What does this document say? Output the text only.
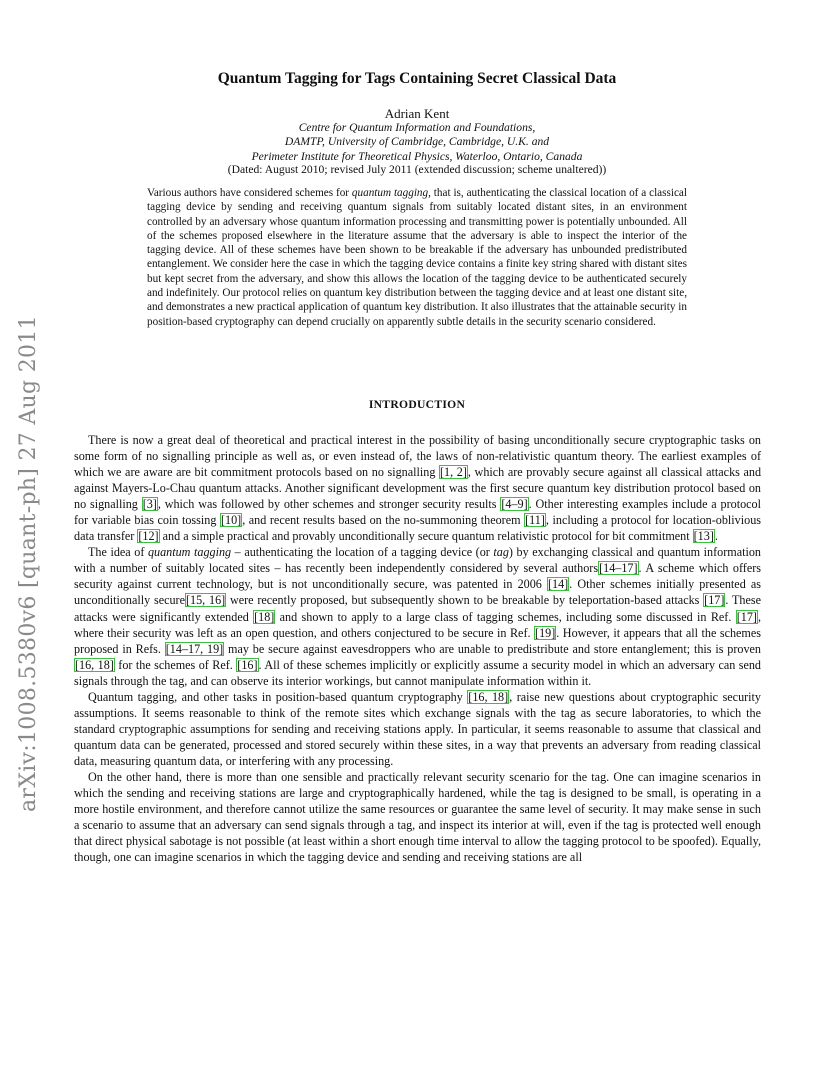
arXiv:1008.5380v6 [quant-ph] 27 Aug 2011
Quantum Tagging for Tags Containing Secret Classical Data
Adrian Kent
Centre for Quantum Information and Foundations,
DAMTP, University of Cambridge, Cambridge, U.K. and
Perimeter Institute for Theoretical Physics, Waterloo, Ontario, Canada
(Dated: August 2010; revised July 2011 (extended discussion; scheme unaltered))
Various authors have considered schemes for quantum tagging, that is, authenticating the classical location of a classical tagging device by sending and receiving quantum signals from suitably located distant sites, in an environment controlled by an adversary whose quantum information processing and transmitting power is potentially unbounded. All of the schemes proposed elsewhere in the literature assume that the adversary is able to inspect the interior of the tagging device. All of these schemes have been shown to be breakable if the adversary has unbounded predistributed entanglement. We consider here the case in which the tagging device contains a finite key string shared with distant sites but kept secret from the adversary, and show this allows the location of the tagging device to be authenticated securely and indefinitely. Our protocol relies on quantum key distribution between the tagging device and at least one distant site, and demonstrates a new practical application of quantum key distribution. It also illustrates that the attainable security in position-based cryptography can depend crucially on apparently subtle details in the security scenario considered.
INTRODUCTION

There is now a great deal of theoretical and practical interest in the possibility of basing unconditionally secure cryptographic tasks on some form of no signalling principle as well as, or even instead of, the laws of non-relativistic quantum theory. The earliest examples of which we are aware are bit commitment protocols based on no signalling [1, 2], which are provably secure against all classical attacks and against Mayers-Lo-Chau quantum attacks. Another significant development was the first secure quantum key distribution protocol based on no signalling [3], which was followed by other schemes and stronger security results [4–9]. Other interesting examples include a protocol for variable bias coin tossing [10], and recent results based on the no-summoning theorem [11], including a protocol for location-oblivious data transfer [12] and a simple practical and provably unconditionally secure quantum relativistic protocol for bit commitment [13].

The idea of quantum tagging – authenticating the location of a tagging device (or tag) by exchanging classical and quantum information with a number of suitably located sites – has recently been independently considered by several authors[14–17]. A scheme which offers security against current technology, but is not unconditionally secure, was patented in 2006 [14]. Other schemes initially presented as unconditionally secure[15, 16] were recently proposed, but subsequently shown to be breakable by teleportation-based attacks [17]. These attacks were significantly extended [18] and shown to apply to a large class of tagging schemes, including some discussed in Ref. [17], where their security was left as an open question, and others conjectured to be secure in Ref. [19]. However, it appears that all the schemes proposed in Refs. [14–17, 19] may be secure against eavesdroppers who are unable to predistribute and store entanglement; this is proven [16, 18] for the schemes of Ref. [16]. All of these schemes implicitly or explicitly assume a security model in which an adversary can send signals through the tag, and can observe its interior workings, but cannot manipulate information within it.

Quantum tagging, and other tasks in position-based quantum cryptography [16, 18], raise new questions about cryptographic security assumptions. It seems reasonable to think of the remote sites which exchange signals with the tag as secure laboratories, to which the standard cryptographic assumptions for sending and receiving stations apply. In particular, it seems reasonable to assume that classical and quantum data can be generated, processed and stored securely within these sites, in a way that prevents an adversary from reading classical data, measuring quantum data, or interfering with any processing.

On the other hand, there is more than one sensible and practically relevant security scenario for the tag. One can imagine scenarios in which the sending and receiving stations are large and cryptographically hardened, while the tag is designed to be small, is operating in a more hostile environment, and therefore cannot utilize the same resources or guarantee the same level of security. It may make sense in such a scenario to assume that an adversary can send signals through a tag, and inspect its interior at will, even if the tag is protected well enough that direct physical sabotage is not possible (at least within a short enough time interval to allow the tagging protocol to be spoofed). Equally, though, one can imagine scenarios in which the tagging device and sending and receiving stations are all
